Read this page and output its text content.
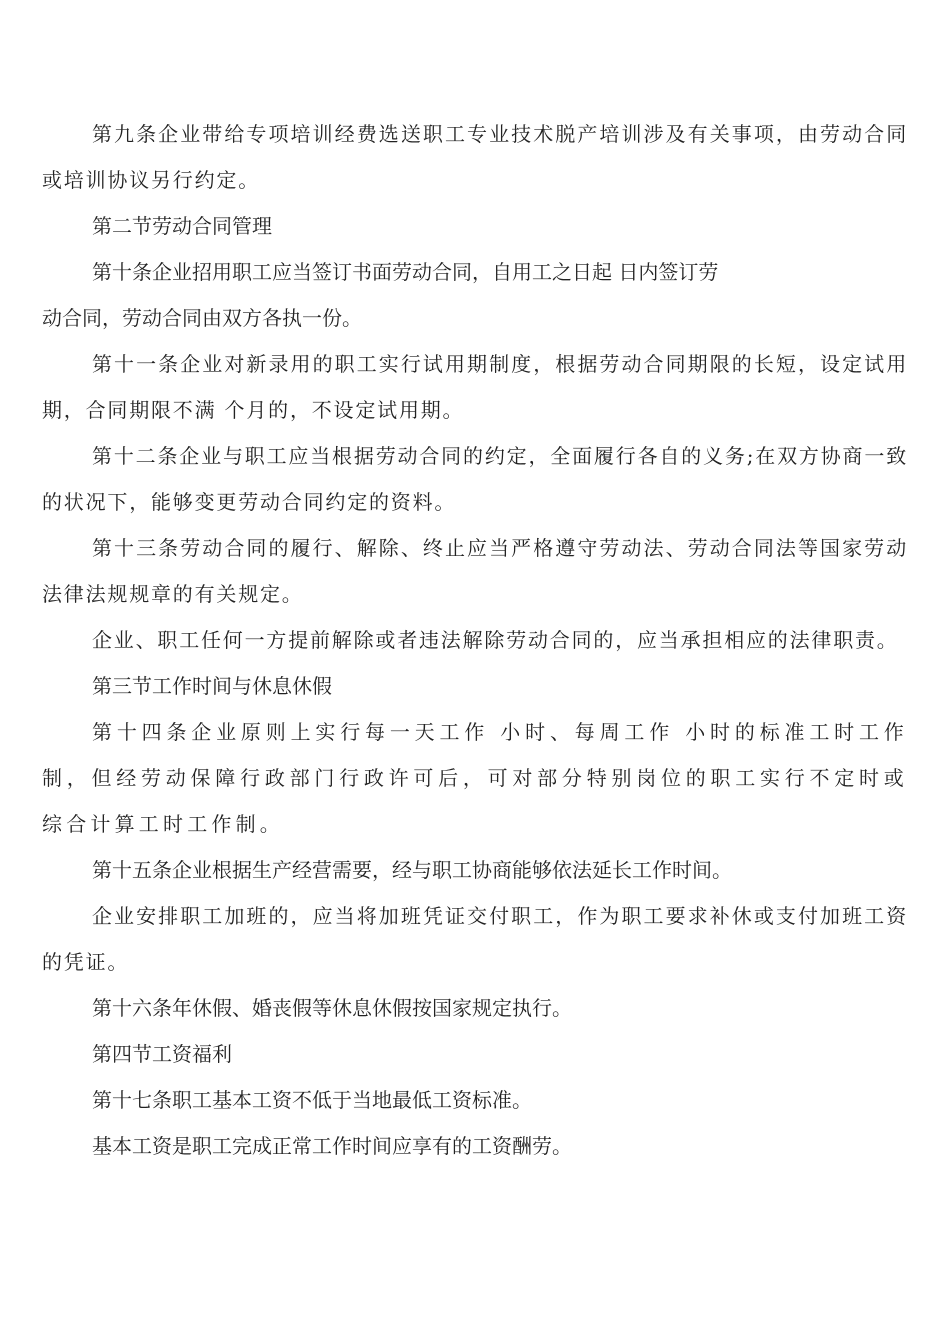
第九条企业带给专项培训经费选送职工专业技术脱产培训涉及有关事项，由劳动合同或培训协议另行约定。

第二节劳动合同管理

第十条企业招用职工应当签订书面劳动合同，自用工之日起 日内签订劳
动合同，劳动合同由双方各执一份。

第十一条企业对新录用的职工实行试用期制度，根据劳动合同期限的长短，设定试用期，合同期限不满 个月的，不设定试用期。

第十二条企业与职工应当根据劳动合同的约定，全面履行各自的义务;在双方协商一致的状况下，能够变更劳动合同约定的资料。

第十三条劳动合同的履行、解除、终止应当严格遵守劳动法、劳动合同法等国家劳动法律法规规章的有关规定。

企业、职工任何一方提前解除或者违法解除劳动合同的，应当承担相应的法律职责。

第三节工作时间与休息休假

第十四条企业原则上实行每一天工作 小时、每周工作 小时的标准工时工作制，但经劳动保障行政部门行政许可后，可对部分特别岗位的职工实行不定时或综合计算工时工作制。

第十五条企业根据生产经营需要，经与职工协商能够依法延长工作时间。

企业安排职工加班的，应当将加班凭证交付职工，作为职工要求补休或支付加班工资的凭证。

第十六条年休假、婚丧假等休息休假按国家规定执行。

第四节工资福利

第十七条职工基本工资不低于当地最低工资标准。

基本工资是职工完成正常工作时间应享有的工资酬劳。
